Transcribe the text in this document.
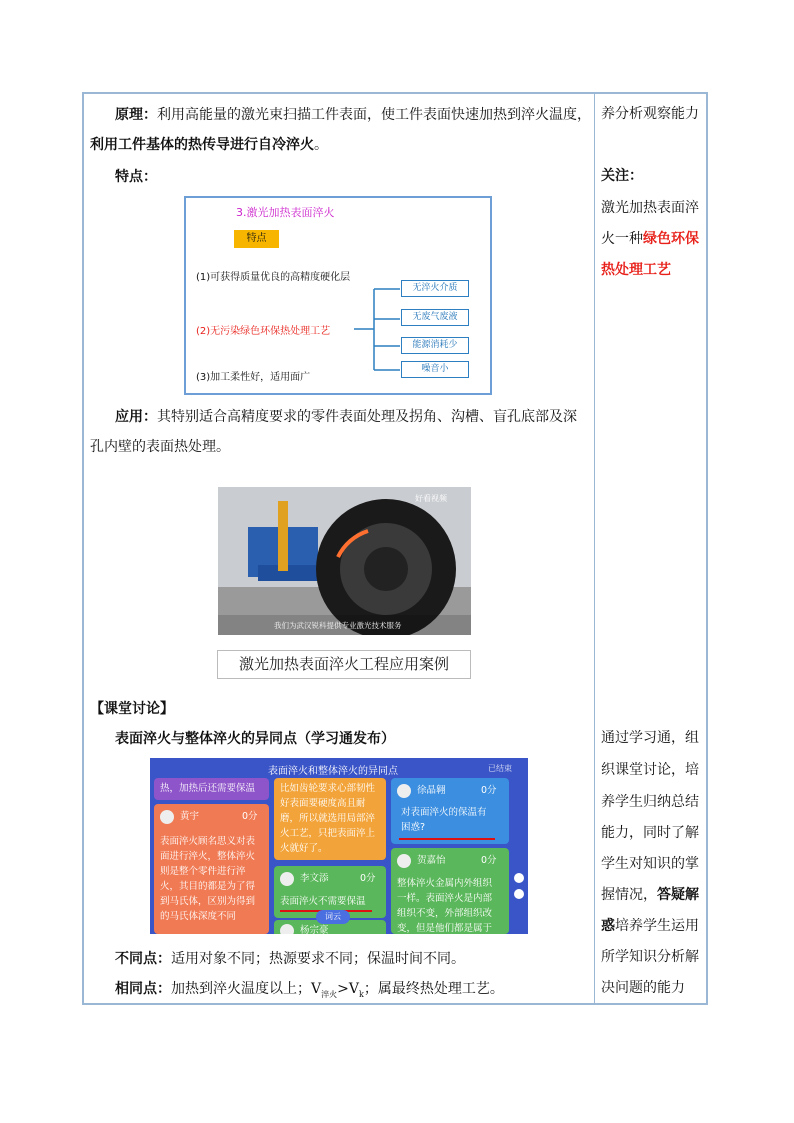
原理：利用高能量的激光束扫描工件表面，使工件表面快速加热到淬火温度，
利用工件基体的热传导进行自冷淬火。
特点：
3.激光加热表面淬火
特点
(1)可获得质量优良的高精度硬化层
(2)无污染绿色环保热处理工艺
(3)加工柔性好，适用面广
无淬火介质
无废气废液
能源消耗少
噪音小
应用：其特别适合高精度要求的零件表面处理及拐角、沟槽、盲孔底部及深
孔内壁的表面热处理。
好看视频
我们为武汉锐科提供专业激光技术服务
激光加热表面淬火工程应用案例
【课堂讨论】
表面淬火与整体淬火的异同点（学习通发布）
表面淬火和整体淬火的异同点	已结束
热，加热后还需要保温
黄宇	0分
表面淬火顾名思义对表
面进行淬火，整体淬火
则是整个零件进行淬
火，其目的都是为了得
到马氏体，区别为得到
的马氏体深度不同
比如齿轮要求心部韧性
好表面要硬度高且耐
磨，所以就选用局部淬
火工艺，只把表面淬上
火就好了。
李文添	0分
表面淬火不需要保温
杨宗豪
词云
徐晶翱	0分
对表面淬火的保温有
困惑?
贺嘉怡	0分
整体淬火金属内外组织
一样。表面淬火是内部
组织不变，外部组织改
变，但是他们都是属于
不同点：适用对象不同；热源要求不同；保温时间不同。
相同点：加热到淬火温度以上；$V_{淬火}>V_k$；属最终热处理工艺。
养分析观察能力
关注：
激光加热表面淬
火一种绿色环保
热处理工艺
通过学习通，组
织课堂讨论，培
养学生归纳总结
能力，同时了解
学生对知识的掌
握情况，答疑解
惑培养学生运用
所学知识分析解
决问题的能力
